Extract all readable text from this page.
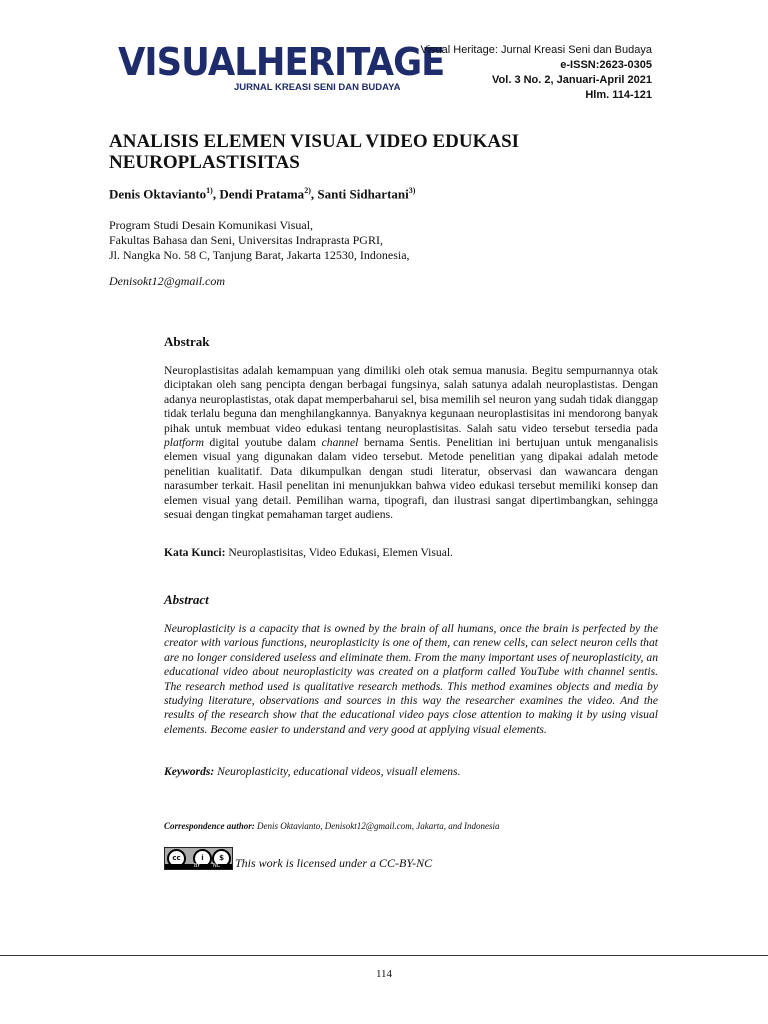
VISUALHERITAGE
JURNAL KREASI SENI DAN BUDAYA
Visual Heritage: Jurnal Kreasi Seni dan Budaya
e-ISSN:2623-0305
Vol. 3 No. 2, Januari-April 2021
Hlm. 114-121
ANALISIS ELEMEN VISUAL VIDEO EDUKASI
NEUROPLASTISITAS
Denis Oktavianto$^{1)}$, Dendi Pratama$^{2)}$, Santi Sidhartani$^{3)}$
Program Studi Desain Komunikasi Visual,
Fakultas Bahasa dan Seni, Universitas Indraprasta PGRI,
Jl. Nangka No. 58 C, Tanjung Barat, Jakarta 12530, Indonesia,
Denisokt12@gmail.com
Abstrak
Neuroplastisitas adalah kemampuan yang dimiliki oleh otak semua manusia. Begitu sempurnannya otak diciptakan oleh sang pencipta dengan berbagai fungsinya, salah satunya adalah neuroplastistas. Dengan adanya neuroplastistas, otak dapat memperbaharui sel, bisa memilih sel neuron yang sudah tidak dianggap tidak terlalu beguna dan menghilangkannya. Banyaknya kegunaan neuroplastisitas ini mendorong banyak pihak untuk membuat video edukasi tentang neuroplastisitas. Salah satu video tersebut tersedia pada platform digital youtube dalam channel bernama Sentis. Penelitian ini bertujuan untuk menganalisis elemen visual yang digunakan dalam video tersebut. Metode penelitian yang dipakai adalah metode penelitian kualitatif. Data dikumpulkan dengan studi literatur, observasi dan wawancara dengan narasumber terkait. Hasil penelitan ini menunjukkan bahwa video edukasi tersebut memiliki konsep dan elemen visual yang detail. Pemilihan warna, tipografi, dan ilustrasi sangat dipertimbangkan, sehingga sesuai dengan tingkat pemahaman target audiens.
Kata Kunci: Neuroplastisitas, Video Edukasi, Elemen Visual.
Abstract
Neuroplasticity is a capacity that is owned by the brain of all humans, once the brain is perfected by the creator with various functions, neuroplasticity is one of them, can renew cells, can select neuron cells that are no longer considered useless and eliminate them. From the many important uses of neuroplasticity, an educational video about neuroplasticity was created on a platform called YouTube with channel sentis. The research method used is qualitative research methods. This method examines objects and media by studying literature, observations and sources in this way the researcher examines the video. And the results of the research show that the educational video pays close attention to making it by using visual elements. Become easier to understand and very good at applying visual elements.
Keywords: Neuroplasticity, educational videos, visuall elemens.
Correspondence author: Denis Oktavianto, Denisokt12@gmail.com, Jakarta, and Indonesia
cc	i	$
BY	NC This work is licensed under a CC-BY-NC
114
